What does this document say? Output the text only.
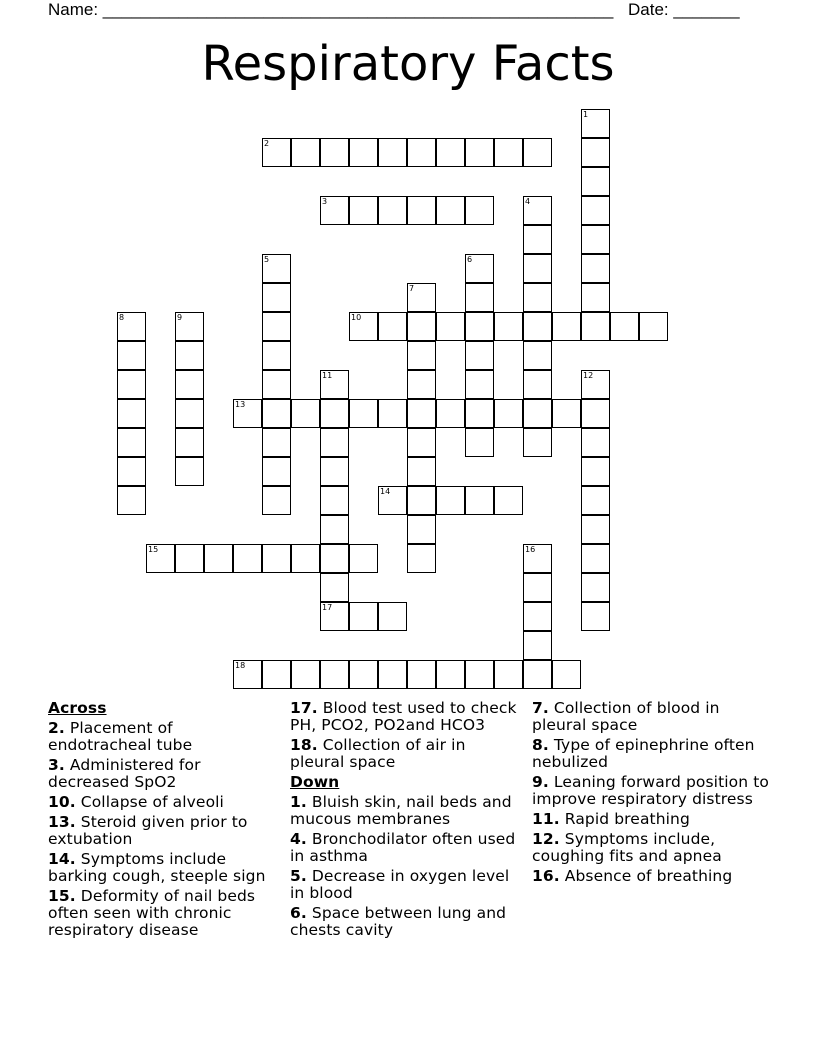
Name: ______________________________________________________ Date: _______
Respiratory Facts
1
2
3	4
5	6
7
8	9	10
11
17
12
13
14
15	16
18
Across
2. Placement of endotracheal tube
3. Administered for decreased SpO2
10. Collapse of alveoli
13. Steroid given prior to extubation
14. Symptoms include barking cough, steeple sign
15. Deformity of nail beds often seen with chronic respiratory disease
17. Blood test used to check PH, PCO2, PO2and HCO3
18. Collection of air in pleural space
Down
1. Bluish skin, nail beds and mucous membranes
4. Bronchodilator often used in asthma
5. Decrease in oxygen level in blood
6. Space between lung and chests cavity
7. Collection of blood in pleural space
8. Type of epinephrine often nebulized
9. Leaning forward position to improve respiratory distress
11. Rapid breathing
12. Symptoms include, coughing fits and apnea
16. Absence of breathing
